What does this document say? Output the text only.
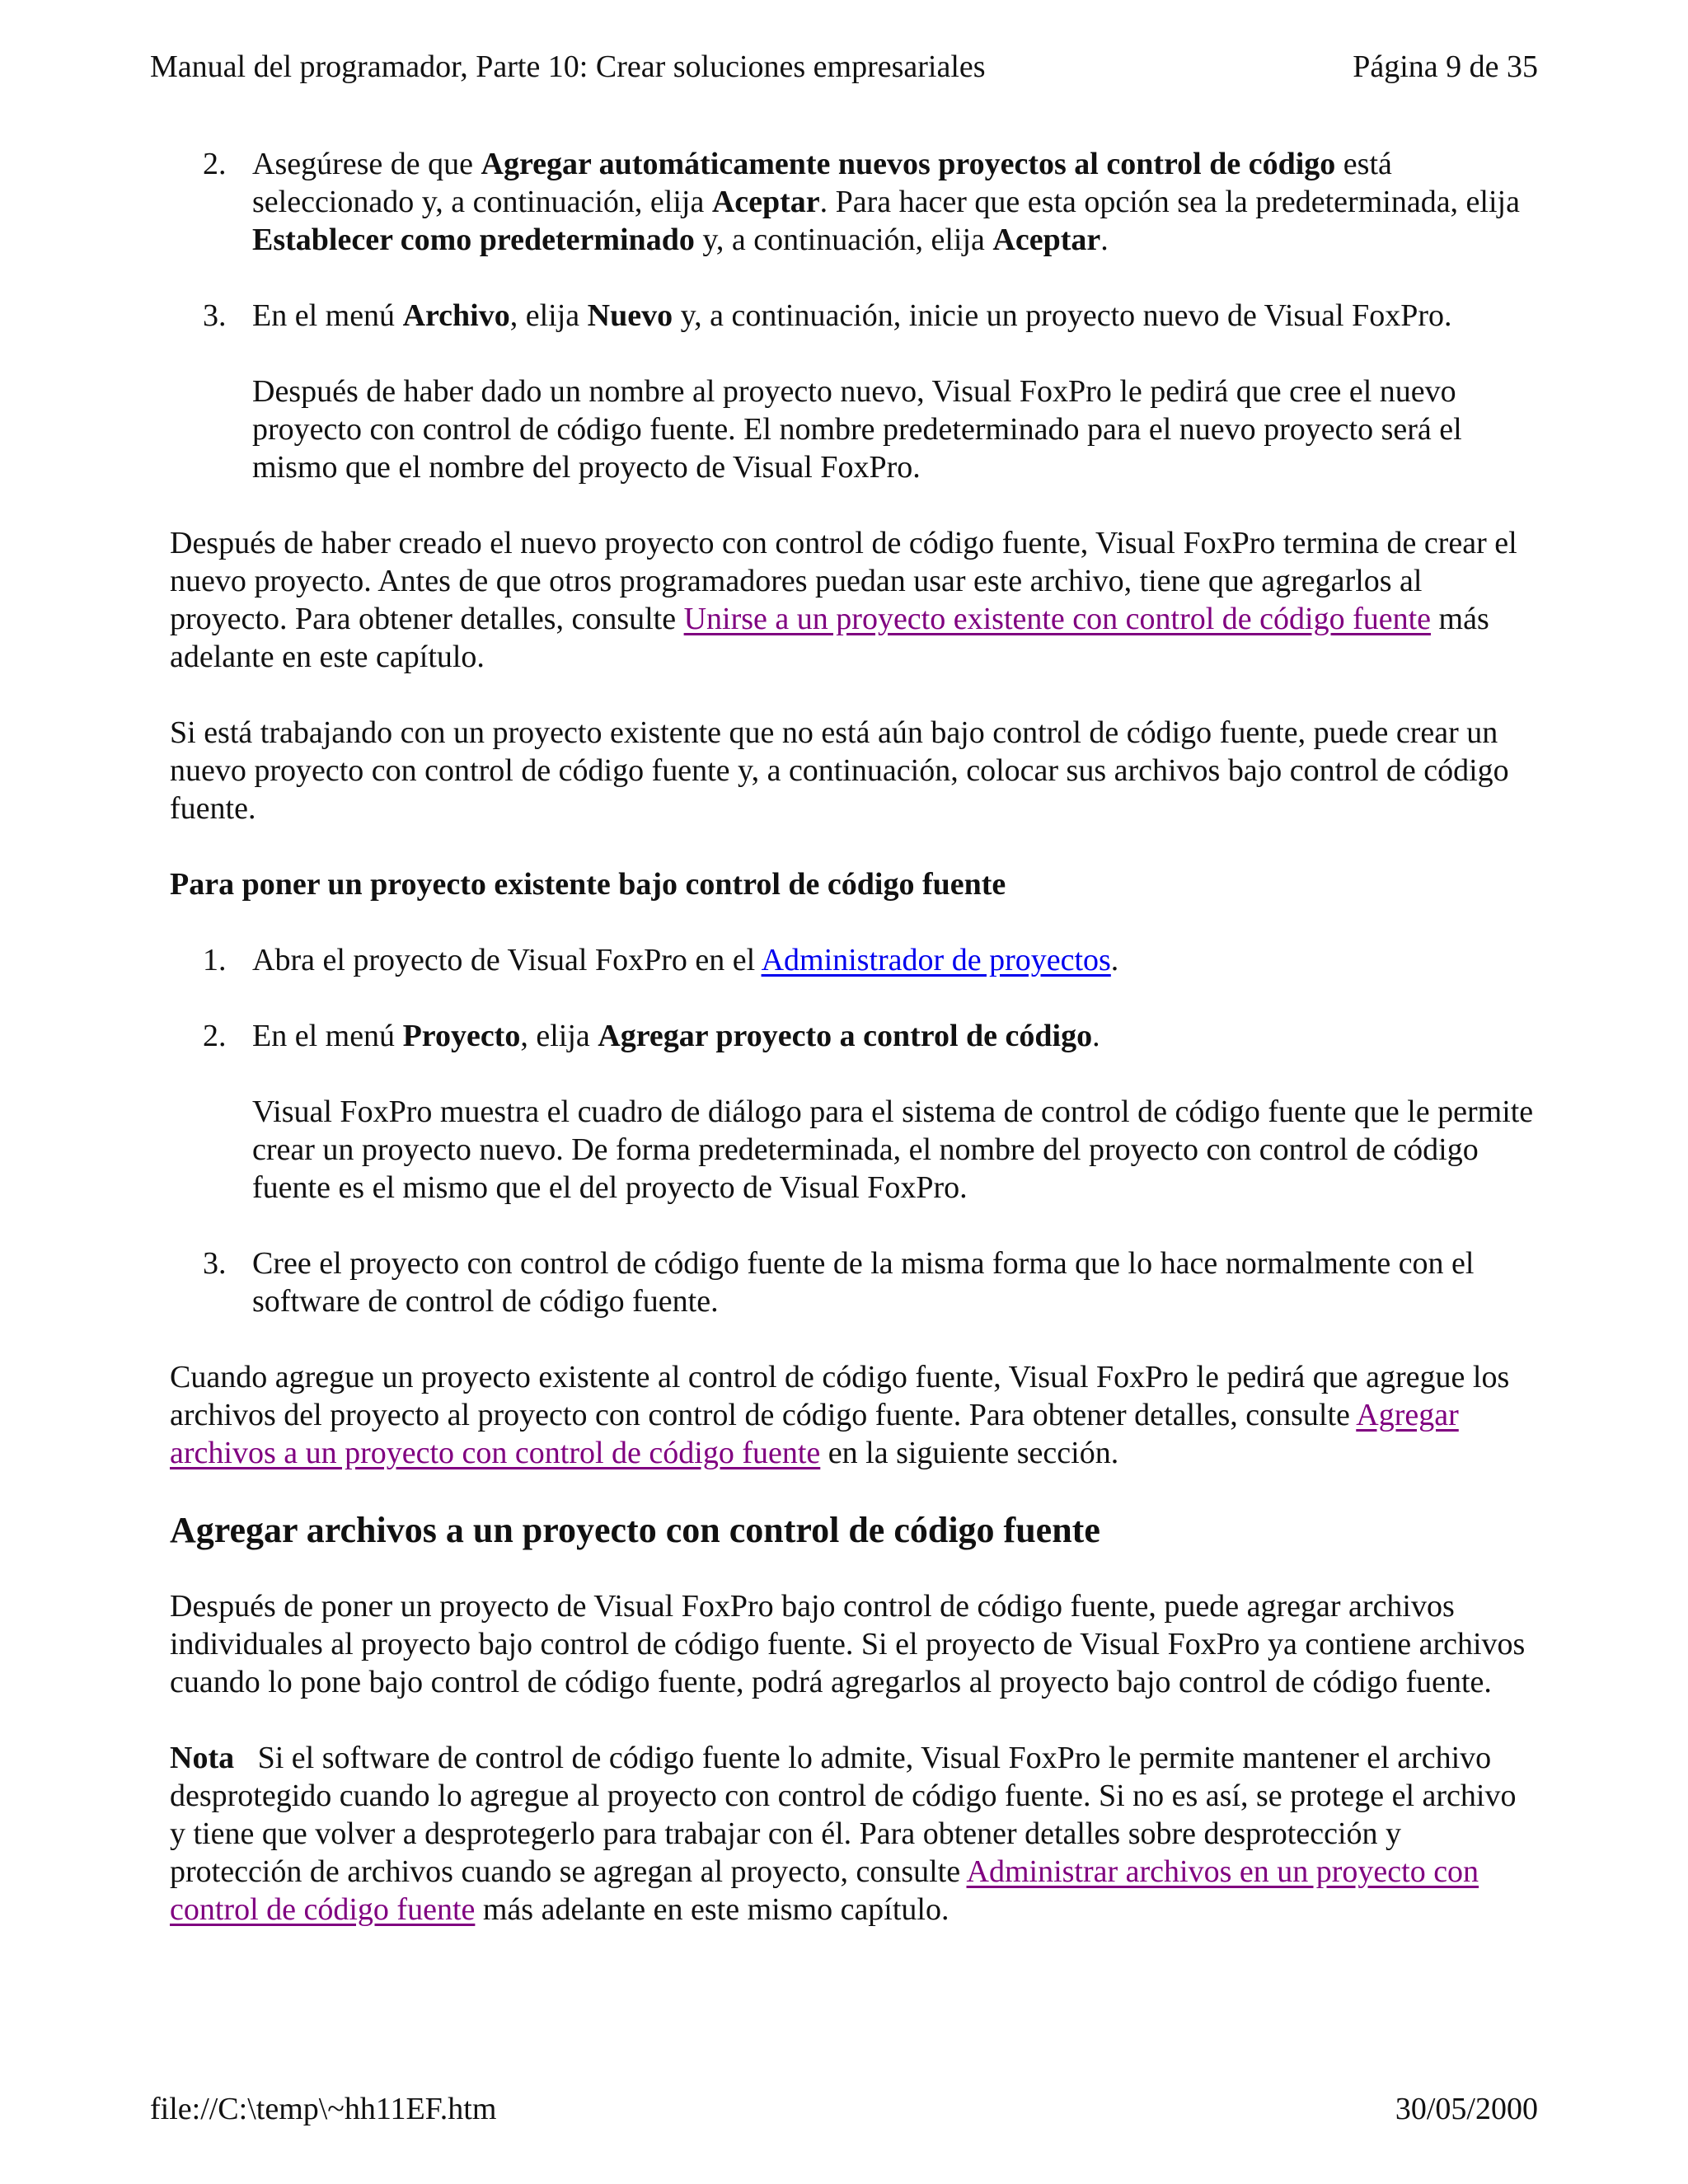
Manual del programador, Parte 10: Crear soluciones empresariales	Página 9 de 35
2. Asegúrese de que Agregar automáticamente nuevos proyectos al control de código está seleccionado y, a continuación, elija Aceptar. Para hacer que esta opción sea la predeterminada, elija Establecer como predeterminado y, a continuación, elija Aceptar.

3. En el menú Archivo, elija Nuevo y, a continuación, inicie un proyecto nuevo de Visual FoxPro.

Después de haber dado un nombre al proyecto nuevo, Visual FoxPro le pedirá que cree el nuevo proyecto con control de código fuente. El nombre predeterminado para el nuevo proyecto será el mismo que el nombre del proyecto de Visual FoxPro.

Después de haber creado el nuevo proyecto con control de código fuente, Visual FoxPro termina de crear el nuevo proyecto. Antes de que otros programadores puedan usar este archivo, tiene que agregarlos al proyecto. Para obtener detalles, consulte Unirse a un proyecto existente con control de código fuente más adelante en este capítulo.

Si está trabajando con un proyecto existente que no está aún bajo control de código fuente, puede crear un nuevo proyecto con control de código fuente y, a continuación, colocar sus archivos bajo control de código fuente.

Para poner un proyecto existente bajo control de código fuente

1. Abra el proyecto de Visual FoxPro en el Administrador de proyectos.

2. En el menú Proyecto, elija Agregar proyecto a control de código.

Visual FoxPro muestra el cuadro de diálogo para el sistema de control de código fuente que le permite crear un proyecto nuevo. De forma predeterminada, el nombre del proyecto con control de código fuente es el mismo que el del proyecto de Visual FoxPro.

3. Cree el proyecto con control de código fuente de la misma forma que lo hace normalmente con el software de control de código fuente.

Cuando agregue un proyecto existente al control de código fuente, Visual FoxPro le pedirá que agregue los archivos del proyecto al proyecto con control de código fuente. Para obtener detalles, consulte Agregar archivos a un proyecto con control de código fuente en la siguiente sección.

Agregar archivos a un proyecto con control de código fuente

Después de poner un proyecto de Visual FoxPro bajo control de código fuente, puede agregar archivos individuales al proyecto bajo control de código fuente. Si el proyecto de Visual FoxPro ya contiene archivos cuando lo pone bajo control de código fuente, podrá agregarlos al proyecto bajo control de código fuente.

Nota   Si el software de control de código fuente lo admite, Visual FoxPro le permite mantener el archivo desprotegido cuando lo agregue al proyecto con control de código fuente. Si no es así, se protege el archivo y tiene que volver a desprotegerlo para trabajar con él. Para obtener detalles sobre desprotección y protección de archivos cuando se agregan al proyecto, consulte Administrar archivos en un proyecto con control de código fuente más adelante en este mismo capítulo.

file://C:\temp\~hh11EF.htm	30/05/2000
